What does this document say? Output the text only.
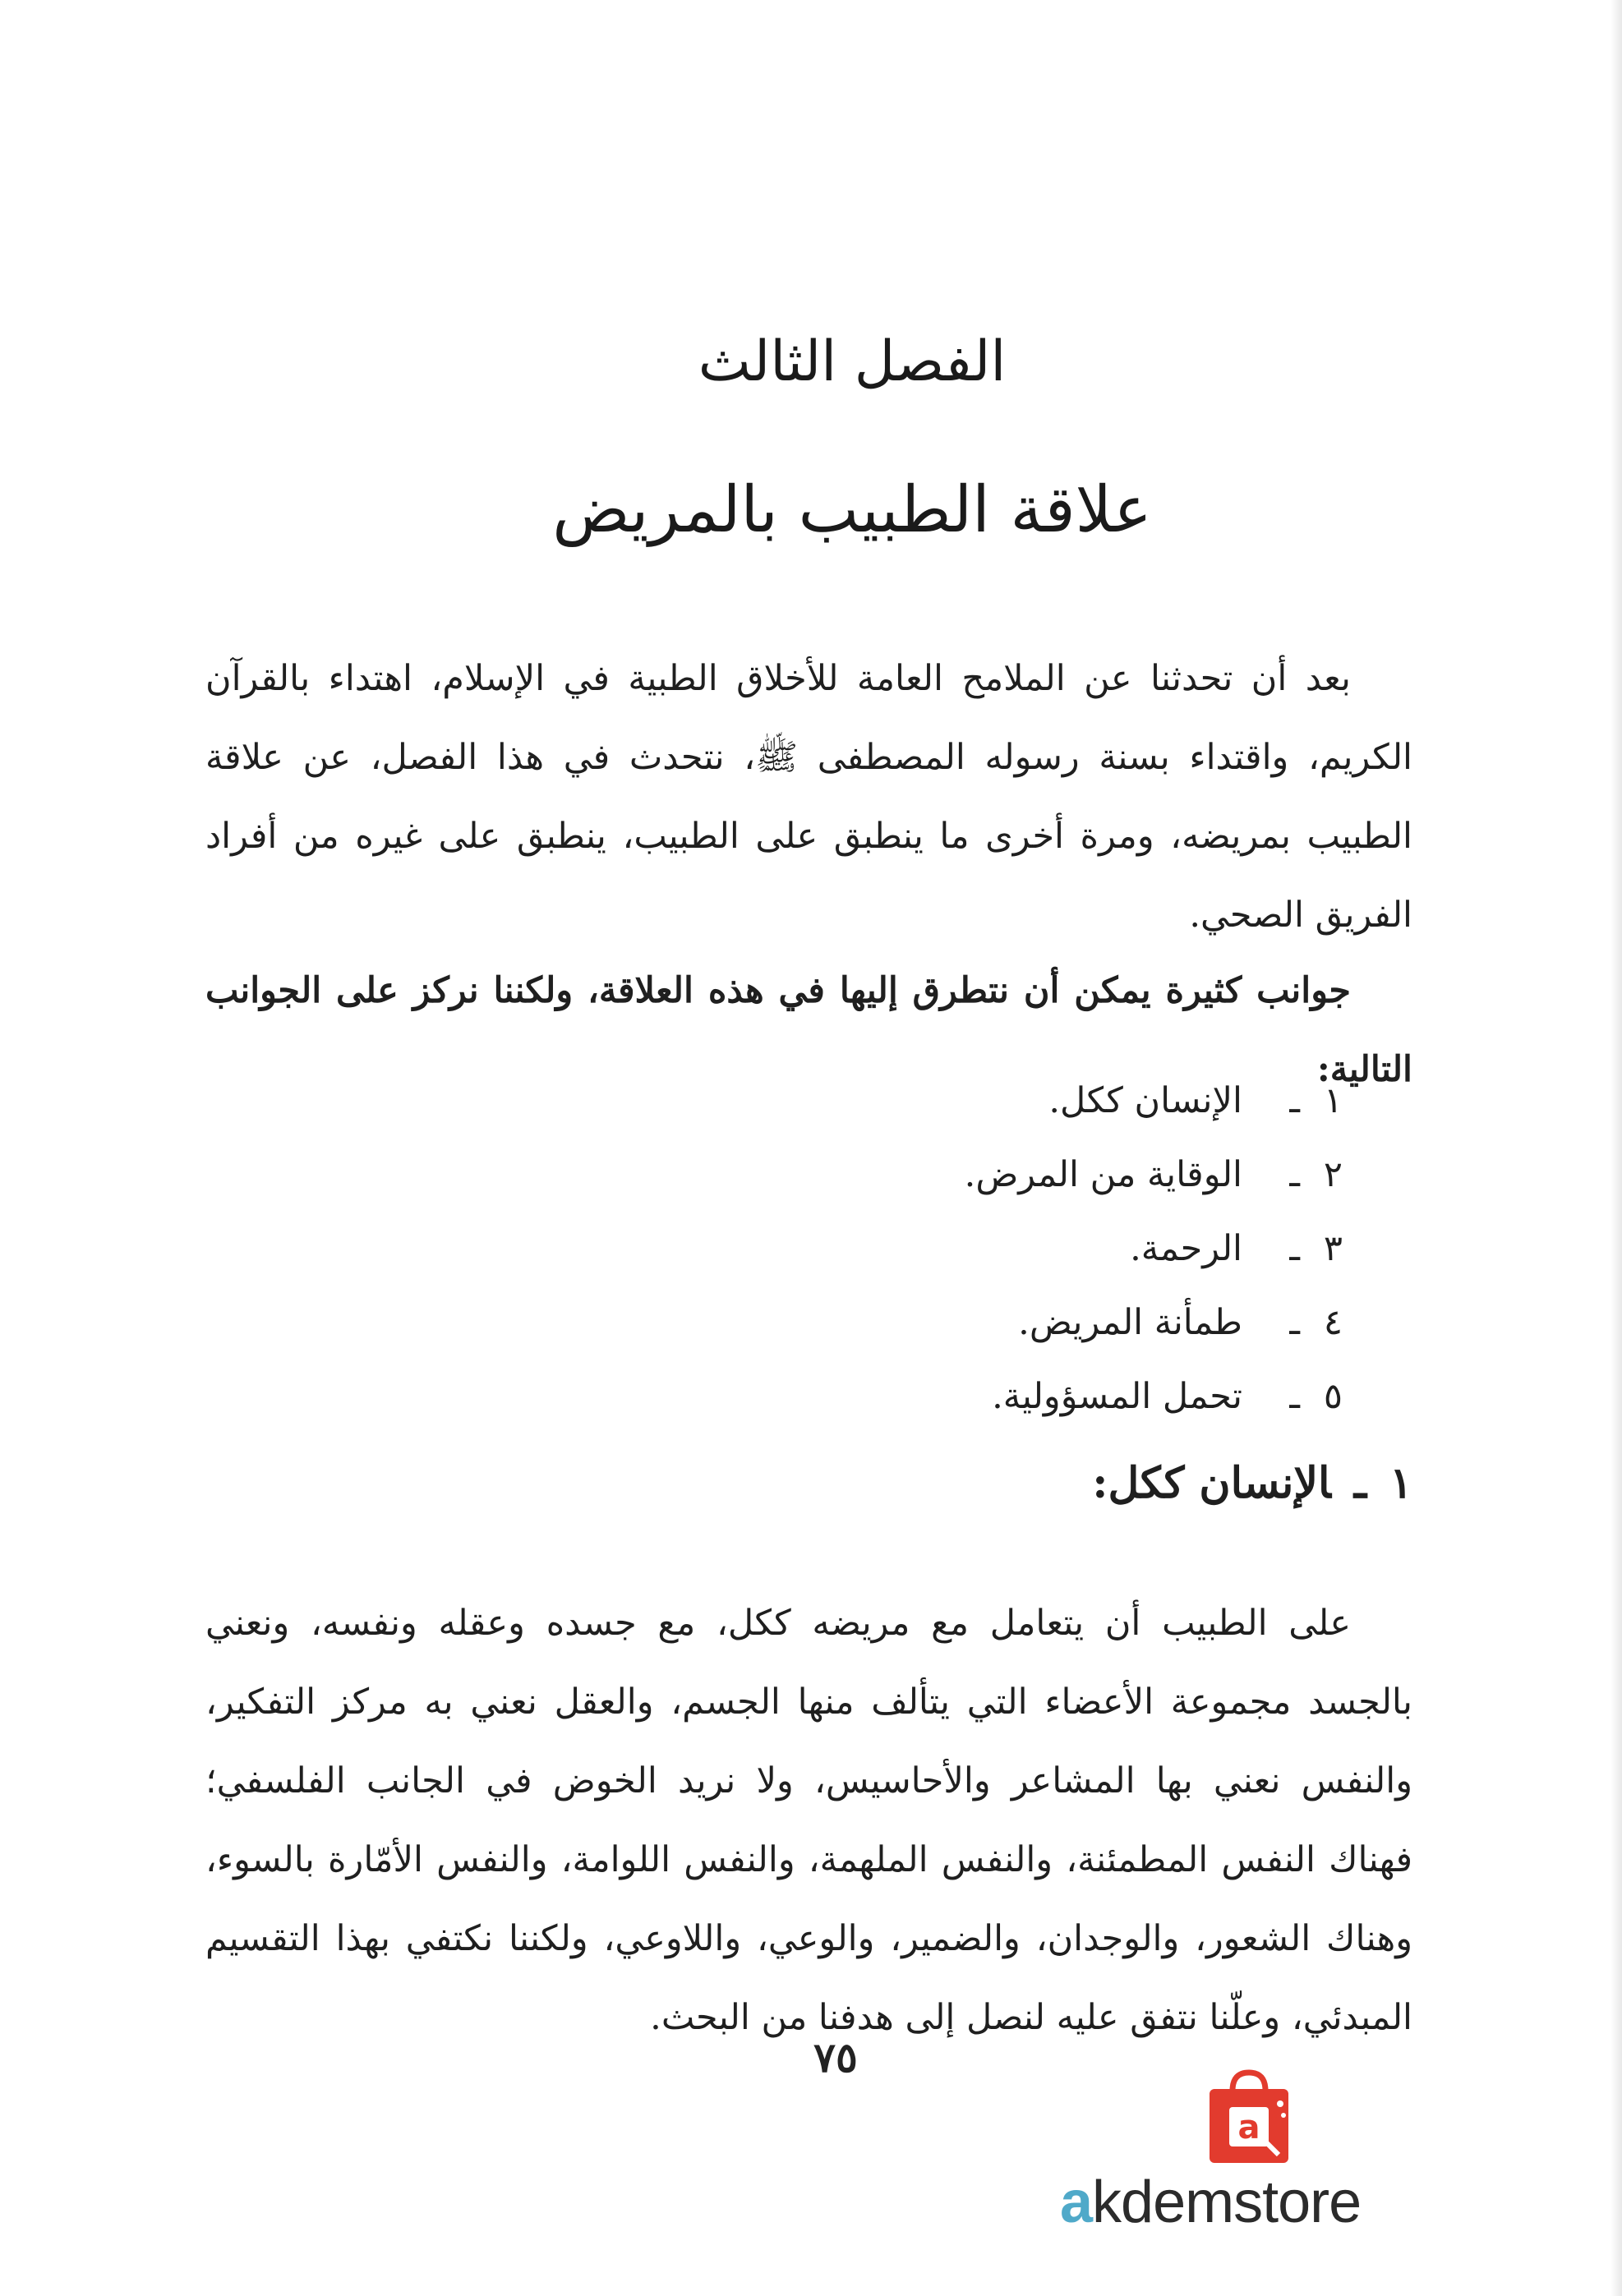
الفصل الثالث
علاقة الطبيب بالمريض

بعد أن تحدثنا عن الملامح العامة للأخلاق الطبية في الإسلام، اهتداء بالقرآن الكريم، واقتداء بسنة رسوله المصطفى ﷺ، نتحدث في هذا الفصل، عن علاقة الطبيب بمريضه، ومرة أخرى ما ينطبق على الطبيب، ينطبق على غيره من أفراد الفريق الصحي.

جوانب كثيرة يمكن أن نتطرق إليها في هذه العلاقة، ولكننا نركز على الجوانب التالية:

١ـالإنسان ككل.
٢ـالوقاية من المرض.
٣ـالرحمة.
٤ـطمأنة المريض.
٥ـتحمل المسؤولية.
١ـالإنسان ككل:

على الطبيب أن يتعامل مع مريضه ككل، مع جسده وعقله ونفسه، ونعني بالجسد مجموعة الأعضاء التي يتألف منها الجسم، والعقل نعني به مركز التفكير، والنفس نعني بها المشاعر والأحاسيس، ولا نريد الخوض في الجانب الفلسفي؛ فهناك النفس المطمئنة، والنفس الملهمة، والنفس اللوامة، والنفس الأمّارة بالسوء، وهناك الشعور، والوجدان، والضمير، والوعي، واللاوعي، ولكننا نكتفي بهذا التقسيم المبدئي، وعلّنا نتفق عليه لنصل إلى هدفنا من البحث.

٧٥
a
akdemstore
